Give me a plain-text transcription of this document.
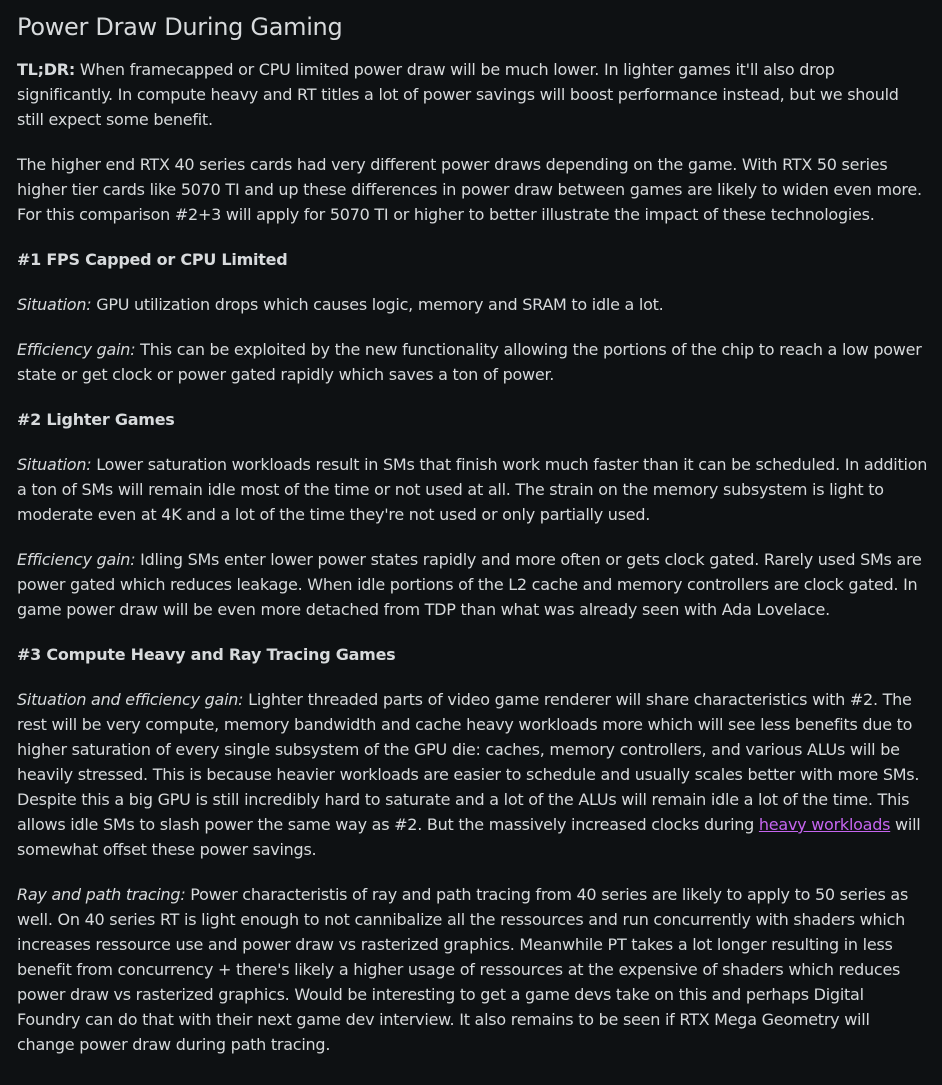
Power Draw During Gaming

TL;DR: When framecapped or CPU limited power draw will be much lower. In lighter games it'll also drop significantly. In compute heavy and RT titles a lot of power savings will boost performance instead, but we should still expect some benefit.

The higher end RTX 40 series cards had very different power draws depending on the game. With RTX 50 series higher tier cards like 5070 TI and up these differences in power draw between games are likely to widen even more. For this comparison #2+3 will apply for 5070 TI or higher to better illustrate the impact of these technologies.

#1 FPS Capped or CPU Limited

Situation: GPU utilization drops which causes logic, memory and SRAM to idle a lot.

Efficiency gain: This can be exploited by the new functionality allowing the portions of the chip to reach a low power state or get clock or power gated rapidly which saves a ton of power.

#2 Lighter Games

Situation: Lower saturation workloads result in SMs that finish work much faster than it can be scheduled. In addition a ton of SMs will remain idle most of the time or not used at all. The strain on the memory subsystem is light to moderate even at 4K and a lot of the time they're not used or only partially used.

Efficiency gain: Idling SMs enter lower power states rapidly and more often or gets clock gated. Rarely used SMs are power gated which reduces leakage. When idle portions of the L2 cache and memory controllers are clock gated. In game power draw will be even more detached from TDP than what was already seen with Ada Lovelace.

#3 Compute Heavy and Ray Tracing Games

Situation and efficiency gain: Lighter threaded parts of video game renderer will share characteristics with #2. The rest will be very compute, memory bandwidth and cache heavy workloads more which will see less benefits due to higher saturation of every single subsystem of the GPU die: caches, memory controllers, and various ALUs will be heavily stressed. This is because heavier workloads are easier to schedule and usually scales better with more SMs. Despite this a big GPU is still incredibly hard to saturate and a lot of the ALUs will remain idle a lot of the time. This allows idle SMs to slash power the same way as #2. But the massively increased clocks during heavy workloads will somewhat offset these power savings.

Ray and path tracing: Power characteristis of ray and path tracing from 40 series are likely to apply to 50 series as well. On 40 series RT is light enough to not cannibalize all the ressources and run concurrently with shaders which increases ressource use and power draw vs rasterized graphics. Meanwhile PT takes a lot longer resulting in less benefit from concurrency + there's likely a higher usage of ressources at the expensive of shaders which reduces power draw vs rasterized graphics. Would be interesting to get a game devs take on this and perhaps Digital Foundry can do that with their next game dev interview. It also remains to be seen if RTX Mega Geometry will change power draw during path tracing.
